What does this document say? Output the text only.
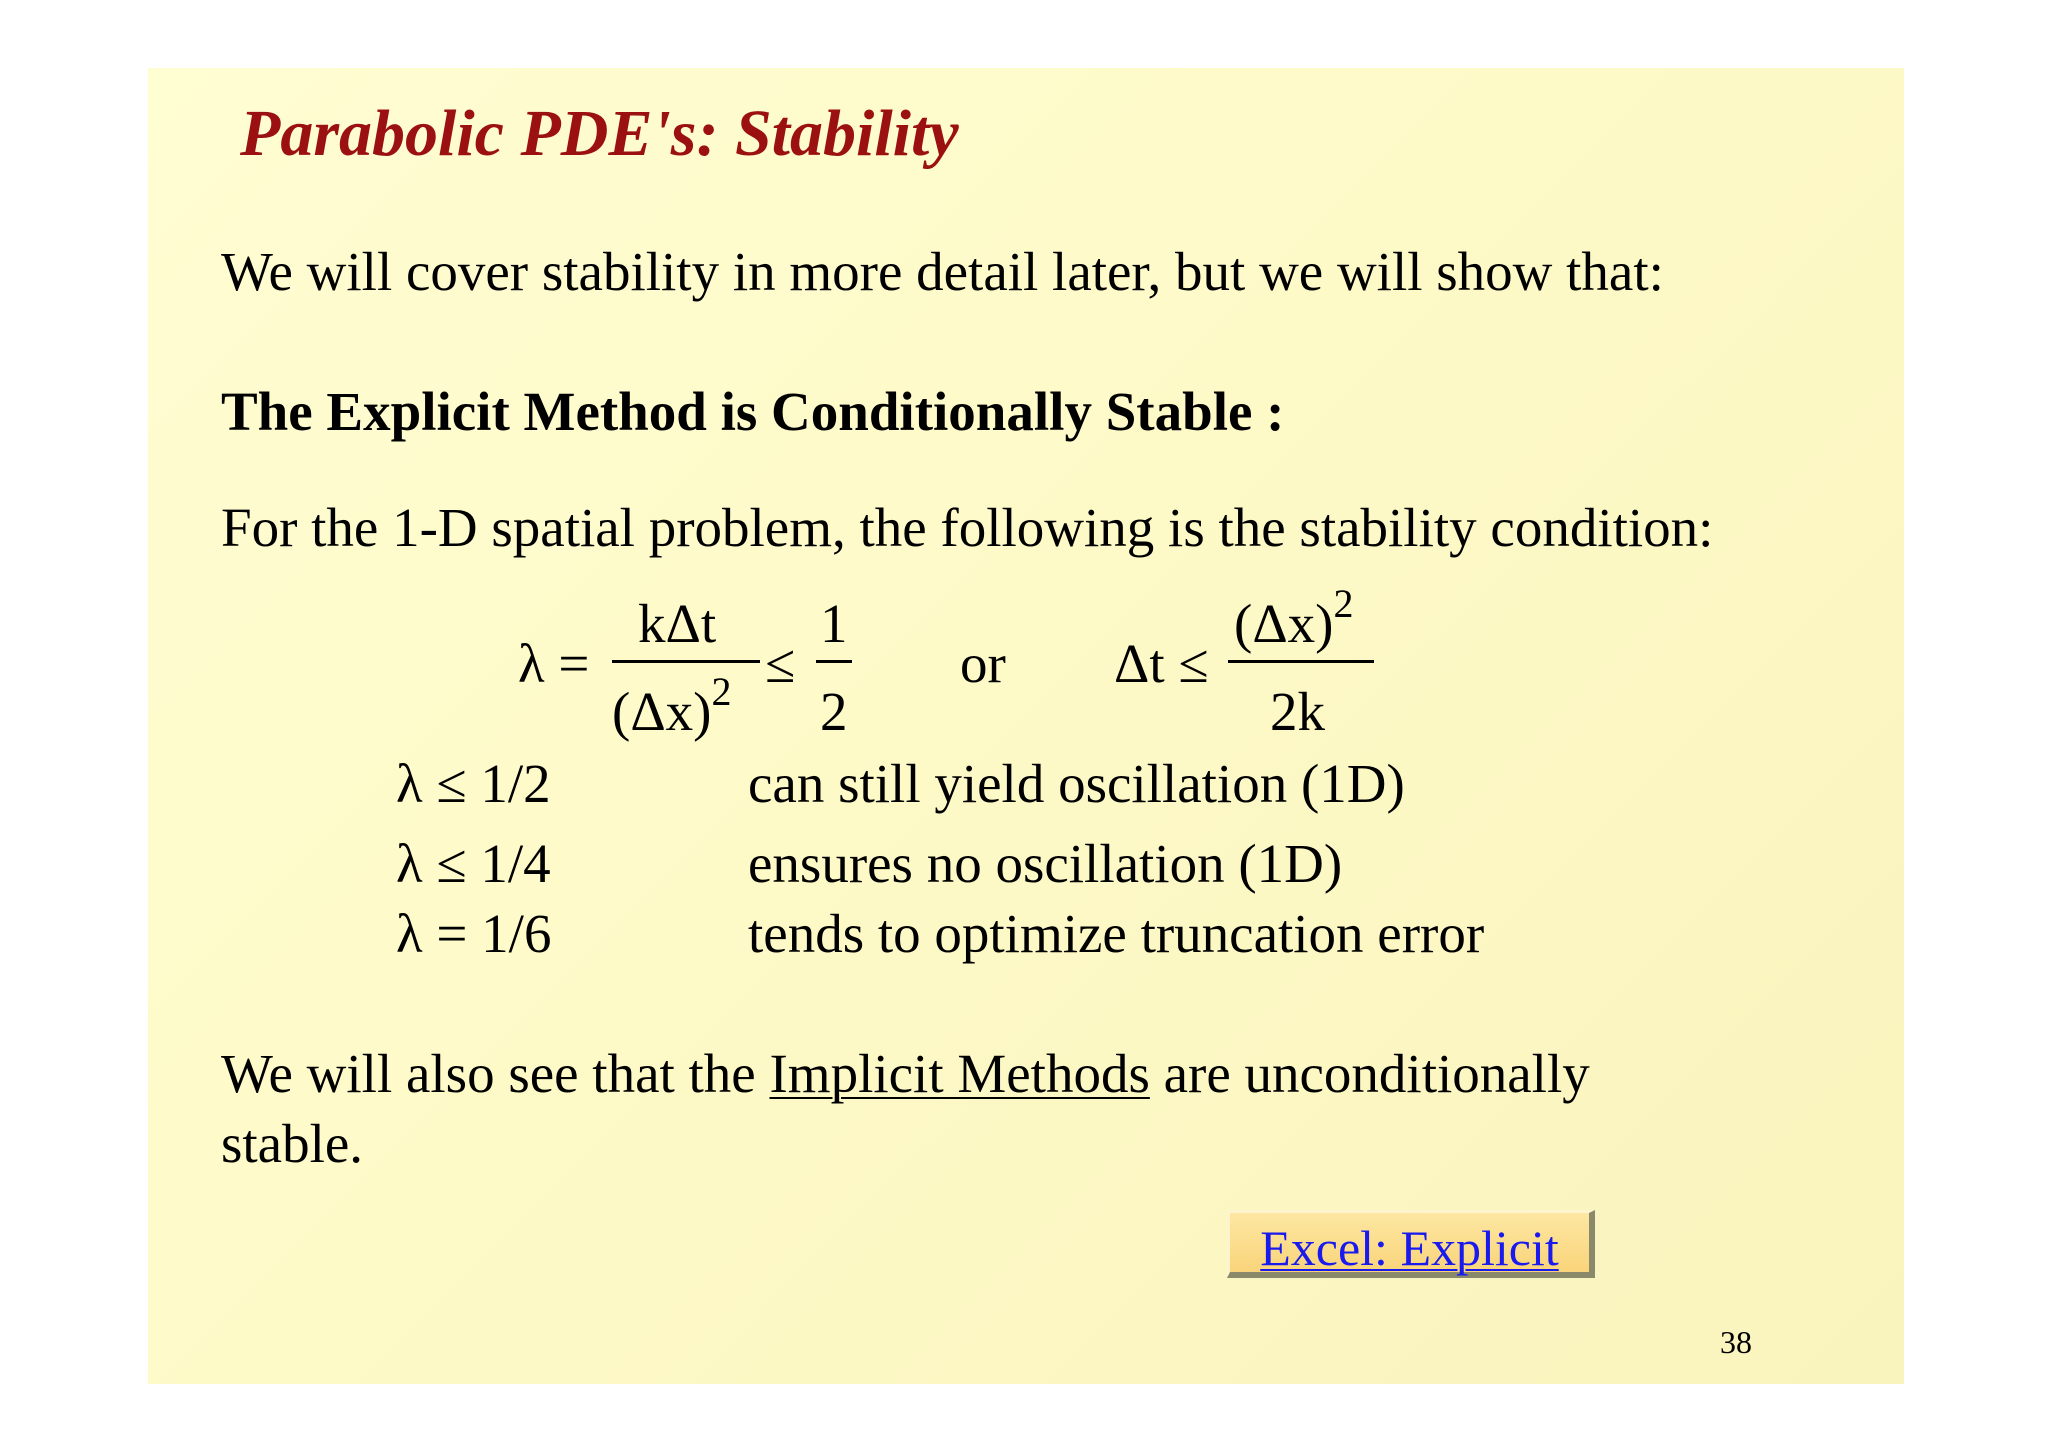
Parabolic PDE's: Stability
We will cover stability in more detail later, but we will show that:
The Explicit Method is Conditionally Stable :
For the 1-D spatial problem, the following is the stability condition:
λ =
kΔt
$(\Delta x)^2$ ≤
1
2
or Δt ≤
$(\Delta x)^2$
2k
λ ≤ 1/2	can still yield oscillation (1D)
λ ≤ 1/4	ensures no oscillation (1D)
λ = 1/6	tends to optimize truncation error
We will also see that the Implicit Methods are unconditionally
stable.
Excel: Explicit
38
